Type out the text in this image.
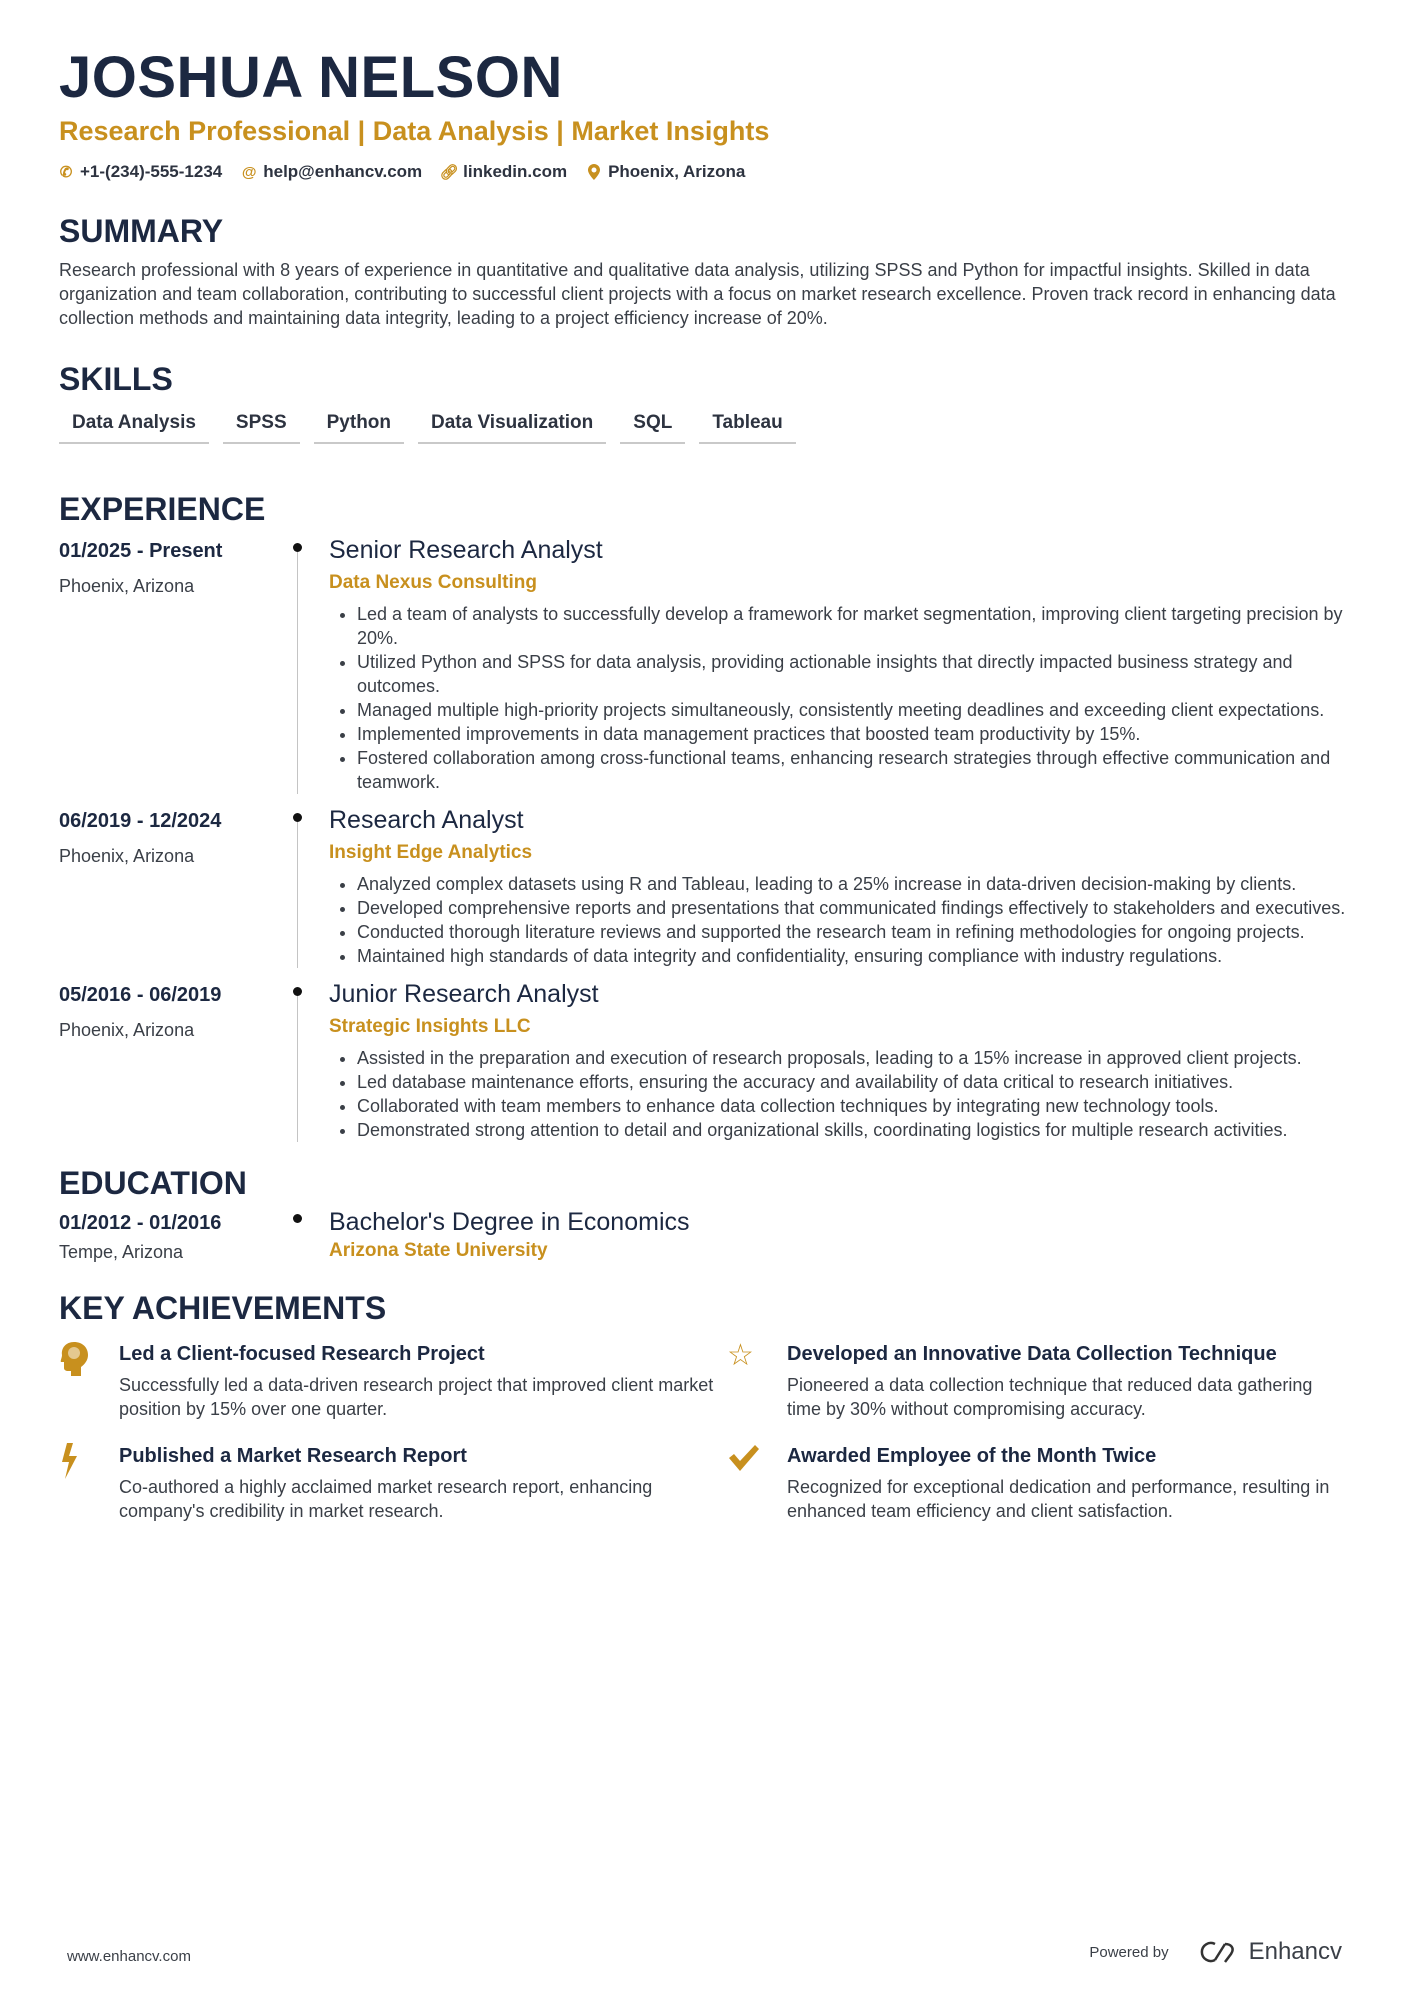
JOSHUA NELSON
Research Professional | Data Analysis | Market Insights
✆ +1-(234)-555-1234 @ help@enhancv.com 🔗︎ linkedin.com Phoenix, Arizona
SUMMARY

Research professional with 8 years of experience in quantitative and qualitative data analysis, utilizing SPSS and Python for impactful insights. Skilled in data organization and team collaboration, contributing to successful client projects with a focus on market research excellence. Proven track record in enhancing data collection methods and maintaining data integrity, leading to a project efficiency increase of 20%.

SKILLS
Data Analysis	SPSS	Python	Data Visualization	SQL	Tableau
EXPERIENCE
01/2025 - Present
Phoenix, Arizona
Senior Research Analyst
Data Nexus Consulting
• Led a team of analysts to successfully develop a framework for market segmentation, improving client targeting precision by 20%.
• Utilized Python and SPSS for data analysis, providing actionable insights that directly impacted business strategy and outcomes.
• Managed multiple high-priority projects simultaneously, consistently meeting deadlines and exceeding client expectations.
• Implemented improvements in data management practices that boosted team productivity by 15%.
• Fostered collaboration among cross-functional teams, enhancing research strategies through effective communication and teamwork.
06/2019 - 12/2024
Phoenix, Arizona
Research Analyst
Insight Edge Analytics
• Analyzed complex datasets using R and Tableau, leading to a 25% increase in data-driven decision-making by clients.
• Developed comprehensive reports and presentations that communicated findings effectively to stakeholders and executives.
• Conducted thorough literature reviews and supported the research team in refining methodologies for ongoing projects.
• Maintained high standards of data integrity and confidentiality, ensuring compliance with industry regulations.
05/2016 - 06/2019
Phoenix, Arizona
Junior Research Analyst
Strategic Insights LLC
• Assisted in the preparation and execution of research proposals, leading to a 15% increase in approved client projects.
• Led database maintenance efforts, ensuring the accuracy and availability of data critical to research initiatives.
• Collaborated with team members to enhance data collection techniques by integrating new technology tools.
• Demonstrated strong attention to detail and organizational skills, coordinating logistics for multiple research activities.
EDUCATION
01/2012 - 01/2016
Tempe, Arizona
Bachelor's Degree in Economics
Arizona State University
KEY ACHIEVEMENTS
Led a Client-focused Research Project
Successfully led a data-driven research project that improved client market position by 15% over one quarter.
☆	Developed an Innovative Data Collection Technique
Pioneered a data collection technique that reduced data gathering time by 30% without compromising accuracy.
Published a Market Research Report
Co-authored a highly acclaimed market research report, enhancing company's credibility in market research.
Awarded Employee of the Month Twice
Recognized for exceptional dedication and performance, resulting in enhanced team efficiency and client satisfaction.
www.enhancv.com	Powered by	Enhancv
